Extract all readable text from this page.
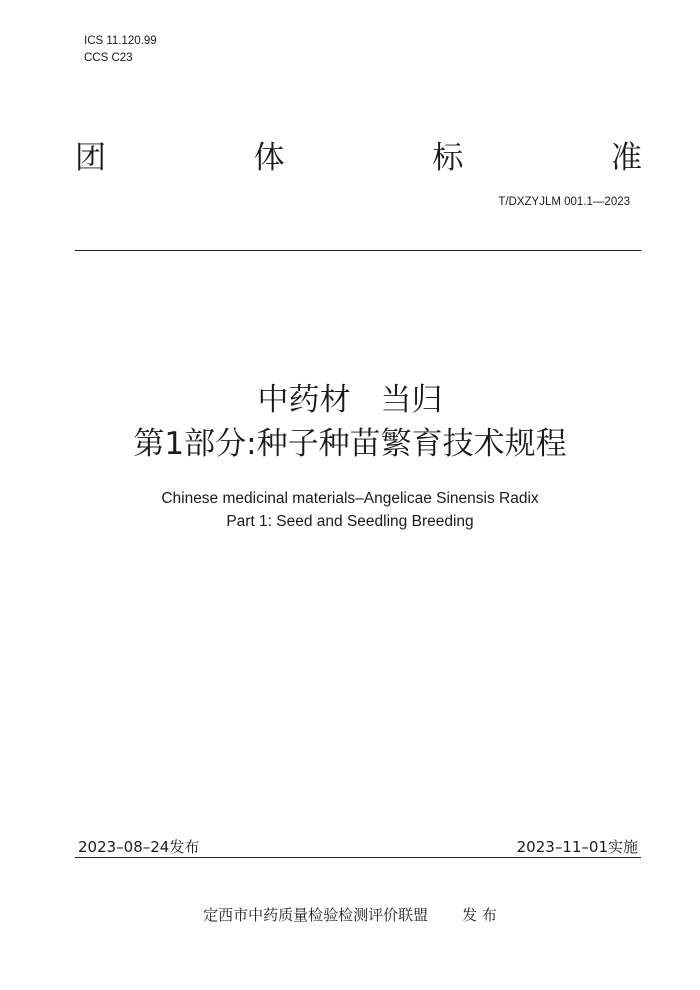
ICS 11.120.99
CCS C23
团	体	标	准
T/DXZYJLM 001.1—2023
中药材 当归
第1部分:种子种苗繁育技术规程
Chinese medicinal materials–Angelicae Sinensis Radix
Part 1: Seed and Seedling Breeding
2023–08–24发布	2023–11–01实施
定西市中药质量检验检测评价联盟 发 布
